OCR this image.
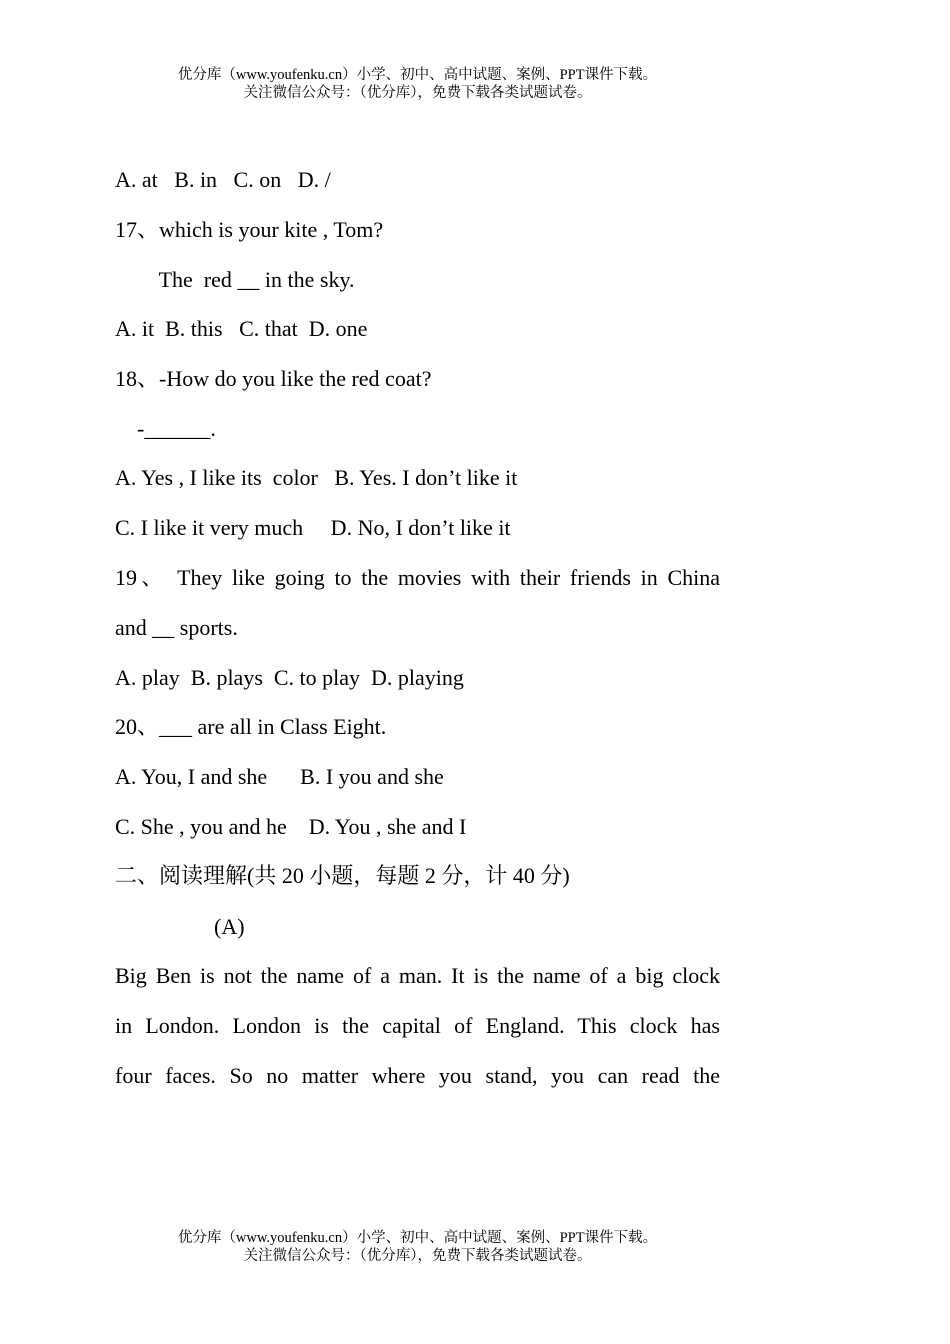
优分库（www.youfenku.cn）小学、初中、高中试题、案例、PPT课件下载。
关注微信公众号：（优分库），免费下载各类试题试卷。
A. at   B. in   C. on   D. /
17、which is your kite , Tom?
The  red __ in the sky.
A. it  B. this   C. that  D. one
18、-How do you like the red coat?
-______.
A. Yes , I like its  color   B. Yes. I don’t like it
C. I like it very much     D. No, I don’t like it
19、 They like going to the movies with their friends in China
and __ sports.
A. play  B. plays  C. to play  D. playing
20、___ are all in Class Eight.
A. You, I and she      B. I you and she
C. She , you and he    D. You , she and I
二、阅读理解(共 20 小题，每题 2 分，计 40 分)
(A)
Big Ben is not the name of a man. It is the name of a big clock
in London. London is the capital of England. This clock has
four faces. So no matter where you stand, you can read the
优分库（www.youfenku.cn）小学、初中、高中试题、案例、PPT课件下载。
关注微信公众号：（优分库），免费下载各类试题试卷。
